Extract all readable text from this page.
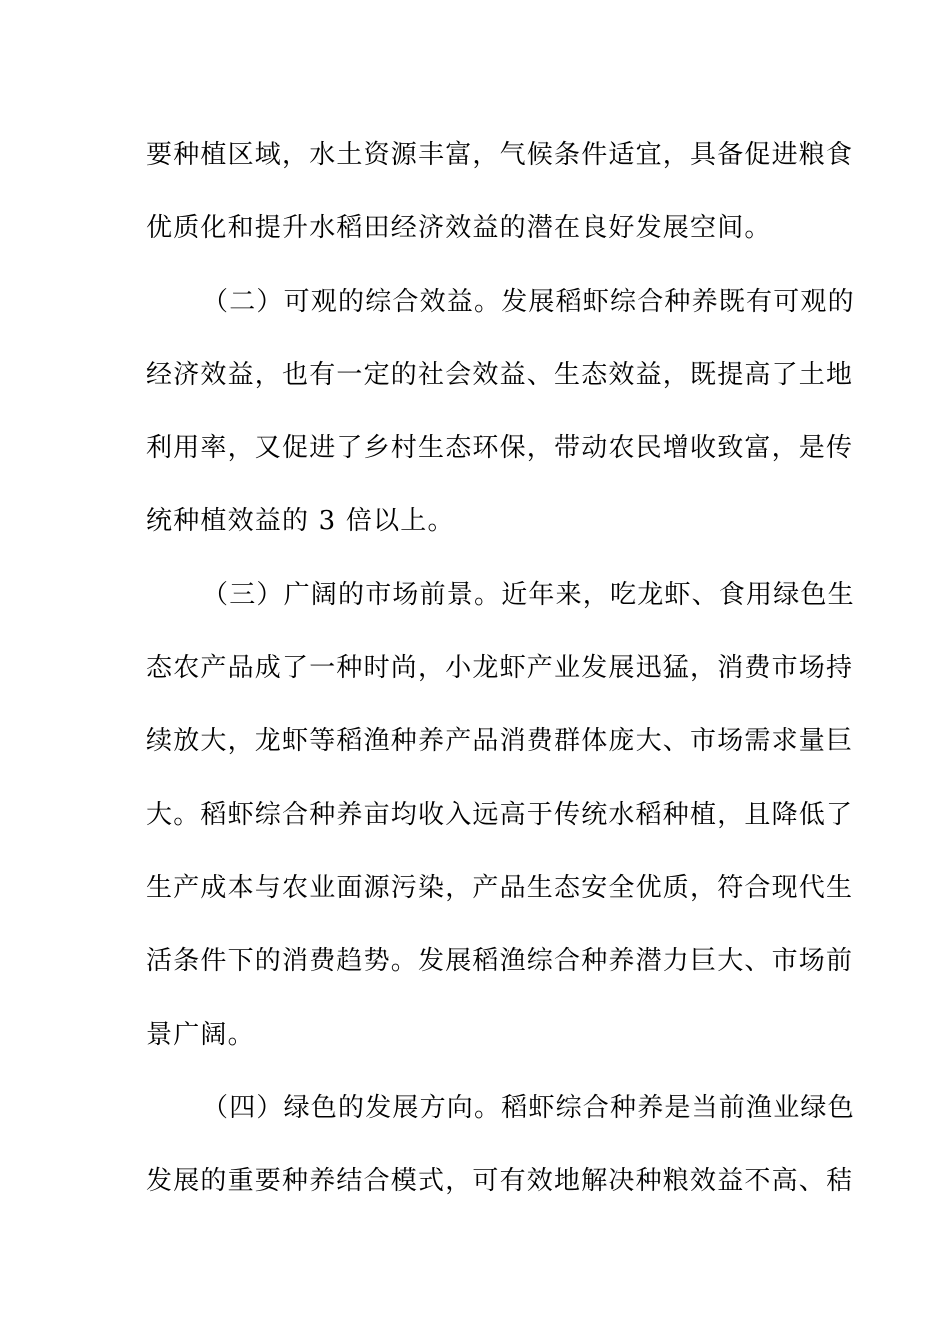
要种植区域，水土资源丰富，气候条件适宜，具备促进粮食
优质化和提升水稻田经济效益的潜在良好发展空间。
（二）可观的综合效益。发展稻虾综合种养既有可观的
经济效益，也有一定的社会效益、生态效益，既提高了土地
利用率，又促进了乡村生态环保，带动农民增收致富，是传
统种植效益的 3 倍以上。
（三）广阔的市场前景。近年来，吃龙虾、食用绿色生
态农产品成了一种时尚，小龙虾产业发展迅猛，消费市场持
续放大，龙虾等稻渔种养产品消费群体庞大、市场需求量巨
大。稻虾综合种养亩均收入远高于传统水稻种植，且降低了
生产成本与农业面源污染，产品生态安全优质，符合现代生
活条件下的消费趋势。发展稻渔综合种养潜力巨大、市场前
景广阔。
（四）绿色的发展方向。稻虾综合种养是当前渔业绿色
发展的重要种养结合模式，可有效地解决种粮效益不高、秸
